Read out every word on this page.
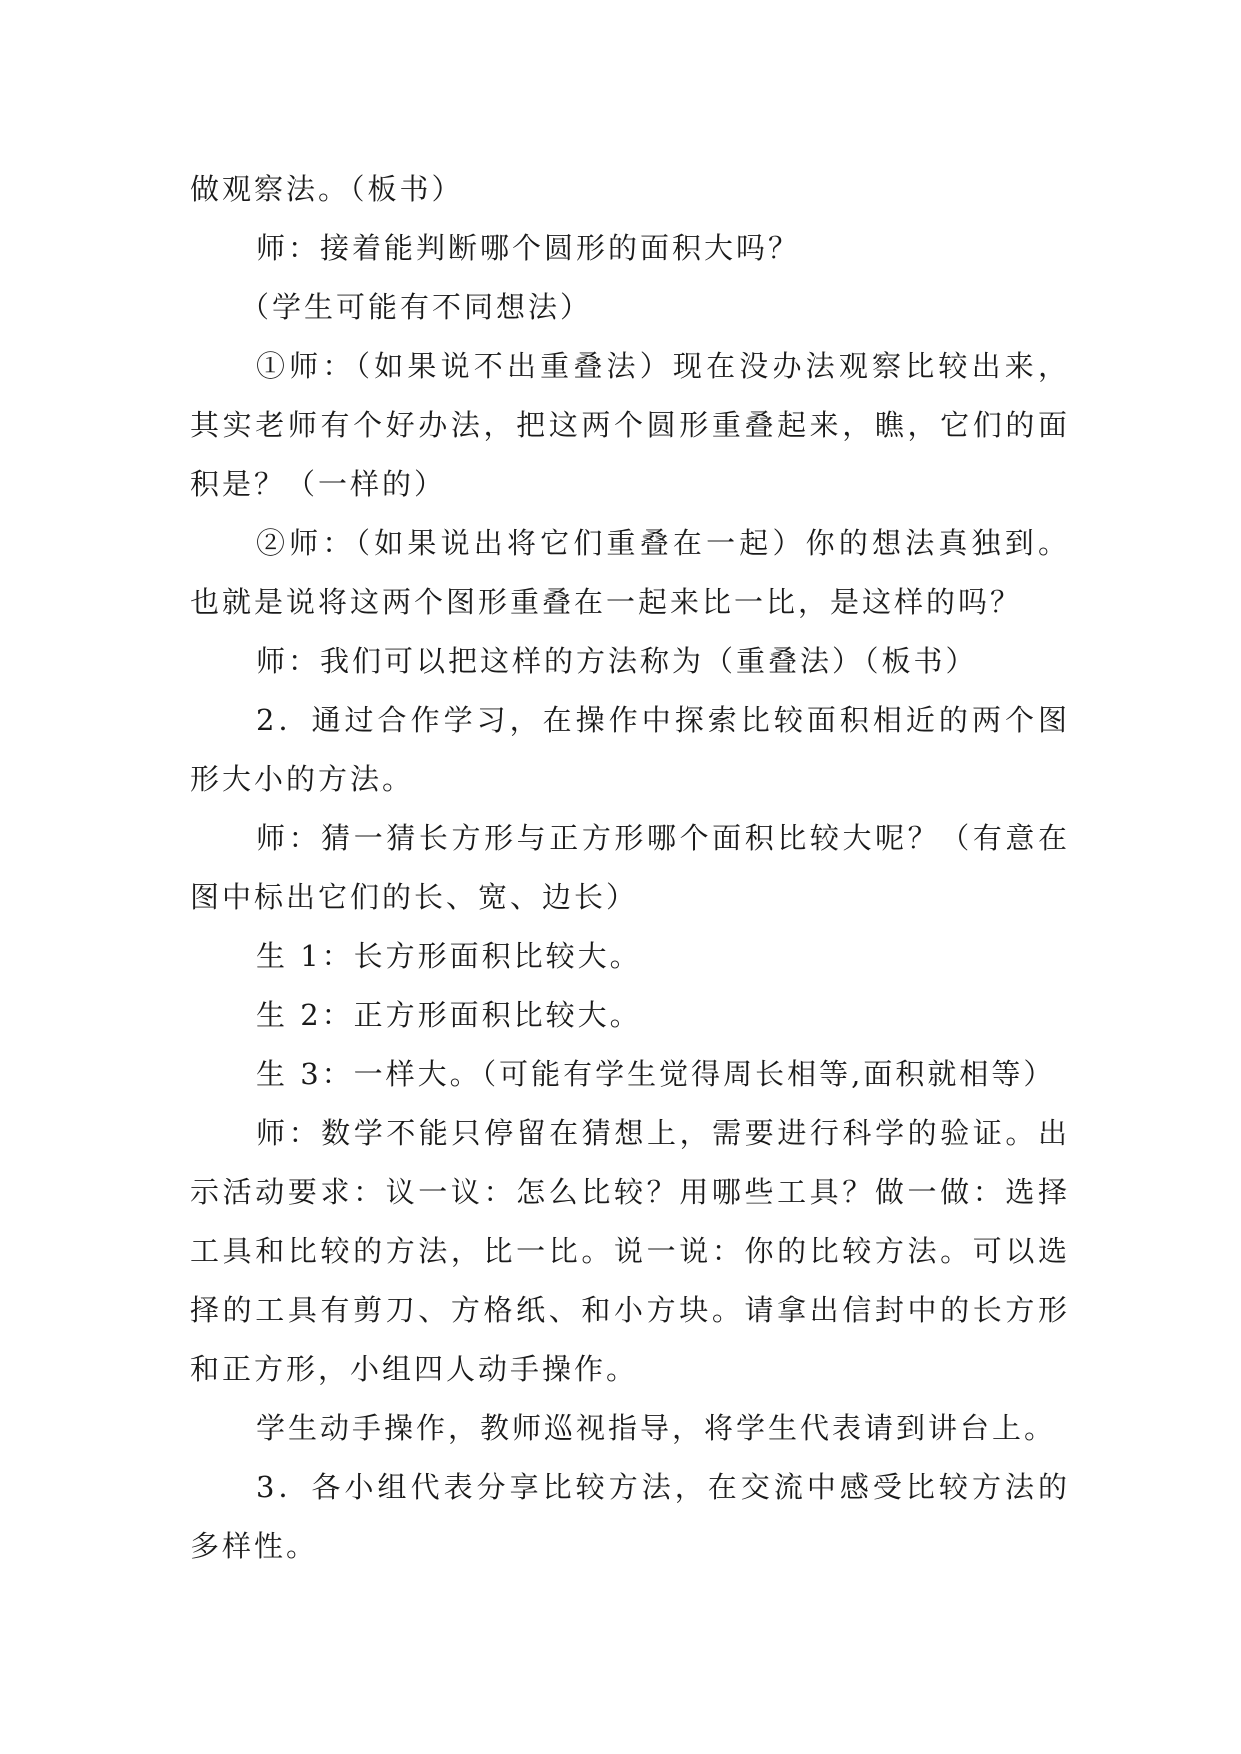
做观察法。（板书）

师：接着能判断哪个圆形的面积大吗？

（学生可能有不同想法）

①师：（如果说不出重叠法）现在没办法观察比较出来，其实老师有个好办法，把这两个圆形重叠起来，瞧，它们的面积是？（一样的）

②师：（如果说出将它们重叠在一起）你的想法真独到。也就是说将这两个图形重叠在一起来比一比，是这样的吗？

师：我们可以把这样的方法称为（重叠法）（板书）

2．通过合作学习，在操作中探索比较面积相近的两个图形大小的方法。

师：猜一猜长方形与正方形哪个面积比较大呢？（有意在图中标出它们的长、宽、边长）

生 1：长方形面积比较大。

生 2：正方形面积比较大。

生 3：一样大。（可能有学生觉得周长相等,面积就相等）

师：数学不能只停留在猜想上，需要进行科学的验证。出示活动要求：议一议：怎么比较？用哪些工具？做一做：选择工具和比较的方法，比一比。说一说：你的比较方法。可以选择的工具有剪刀、方格纸、和小方块。请拿出信封中的长方形和正方形，小组四人动手操作。

学生动手操作，教师巡视指导，将学生代表请到讲台上。

3．各小组代表分享比较方法，在交流中感受比较方法的多样性。
